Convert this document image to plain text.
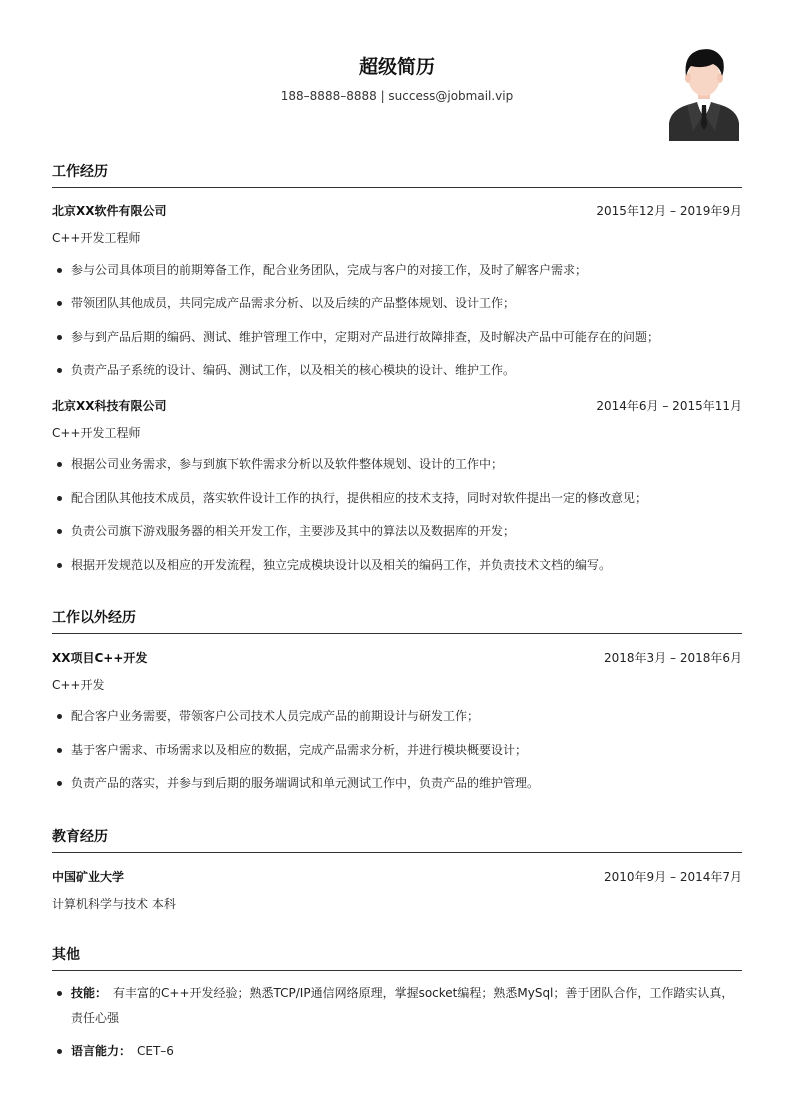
超级简历
188–8888–8888 | success@jobmail.vip
工作经历
北京XX软件有限公司	2015年12月 – 2019年9月
C++开发工程师
参与公司具体项目的前期筹备工作，配合业务团队，完成与客户的对接工作，及时了解客户需求；
带领团队其他成员，共同完成产品需求分析、以及后续的产品整体规划、设计工作；
参与到产品后期的编码、测试、维护管理工作中，定期对产品进行故障排查，及时解决产品中可能存在的问题；
负责产品子系统的设计、编码、测试工作，以及相关的核心模块的设计、维护工作。
北京XX科技有限公司	2014年6月 – 2015年11月
C++开发工程师
根据公司业务需求，参与到旗下软件需求分析以及软件整体规划、设计的工作中；
配合团队其他技术成员，落实软件设计工作的执行，提供相应的技术支持，同时对软件提出一定的修改意见；
负责公司旗下游戏服务器的相关开发工作，主要涉及其中的算法以及数据库的开发；
根据开发规范以及相应的开发流程，独立完成模块设计以及相关的编码工作，并负责技术文档的编写。
工作以外经历
XX项目C++开发	2018年3月 – 2018年6月
C++开发
配合客户业务需要，带领客户公司技术人员完成产品的前期设计与研发工作；
基于客户需求、市场需求以及相应的数据，完成产品需求分析，并进行模块概要设计；
负责产品的落实，并参与到后期的服务端调试和单元测试工作中，负责产品的维护管理。
教育经历
中国矿业大学	2010年9月 – 2014年7月
计算机科学与技术 本科
其他
技能： 有丰富的C++开发经验；熟悉TCP/IP通信网络原理，掌握socket编程；熟悉MySql；善于团队合作，工作踏实认真，责任心强
语言能力： CET–6
